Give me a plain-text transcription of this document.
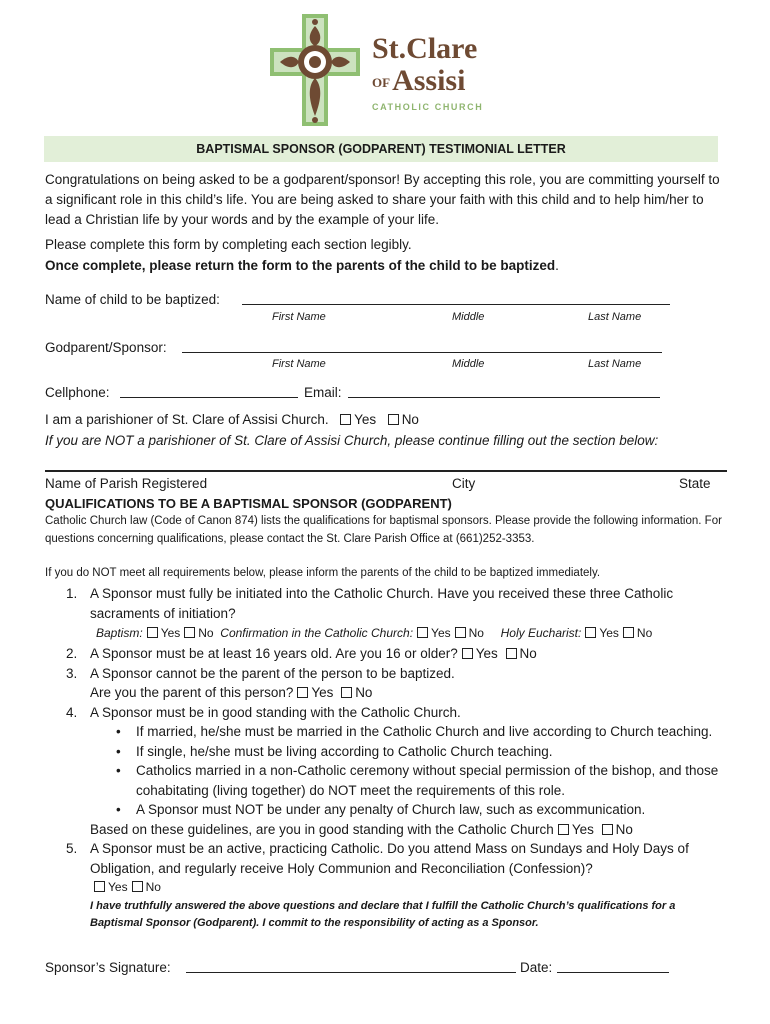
St.Clare
OFAssisi
CATHOLIC CHURCH
BAPTISMAL SPONSOR (GODPARENT) TESTIMONIAL LETTER
Congratulations on being asked to be a godparent/sponsor! By accepting this role, you are committing yourself to a significant role in this child’s life. You are being asked to share your faith with this child and to help him/her to lead a Christian life by your words and by the example of your life.
Please complete this form by completing each section legibly.
Once complete, please return the form to the parents of the child to be baptized.
Name of child to be baptized:
First Name	Middle	Last Name
Godparent/Sponsor:
First Name	Middle	Last Name
Cellphone:	Email:
I am a parishioner of St. Clare of Assisi Church. Yes No
If you are NOT a parishioner of St. Clare of Assisi Church, please continue filling out the section below:
Name of Parish Registered	City	State
QUALIFICATIONS TO BE A BAPTISMAL SPONSOR (GODPARENT)
Catholic Church law (Code of Canon 874) lists the qualifications for baptismal sponsors. Please provide the following information. For questions concerning qualifications, please contact the St. Clare Parish Office at (661)252-3353.
If you do NOT meet all requirements below, please inform the parents of the child to be baptized immediately.
1. A Sponsor must fully be initiated into the Catholic Church. Have you received these three Catholic sacraments of initiation?
Baptism: Yes No Confirmation in the Catholic Church: Yes No Holy Eucharist: Yes No
2. A Sponsor must be at least 16 years old. Are you 16 or older? Yes No
3. A Sponsor cannot be the parent of the person to be baptized.
Are you the parent of this person? Yes No
4. A Sponsor must be in good standing with the Catholic Church.
• If married, he/she must be married in the Catholic Church and live according to Church teaching.
• If single, he/she must be living according to Catholic Church teaching.
• Catholics married in a non-Catholic ceremony without special permission of the bishop, and those cohabitating (living together) do NOT meet the requirements of this role.
• A Sponsor must NOT be under any penalty of Church law, such as excommunication.
Based on these guidelines, are you in good standing with the Catholic Church Yes No
5. A Sponsor must be an active, practicing Catholic. Do you attend Mass on Sundays and Holy Days of Obligation, and regularly receive Holy Communion and Reconciliation (Confession)?
Yes No
I have truthfully answered the above questions and declare that I fulfill the Catholic Church’s qualifications for a Baptismal Sponsor (Godparent). I commit to the responsibility of acting as a Sponsor.
Sponsor’s Signature:	Date:
